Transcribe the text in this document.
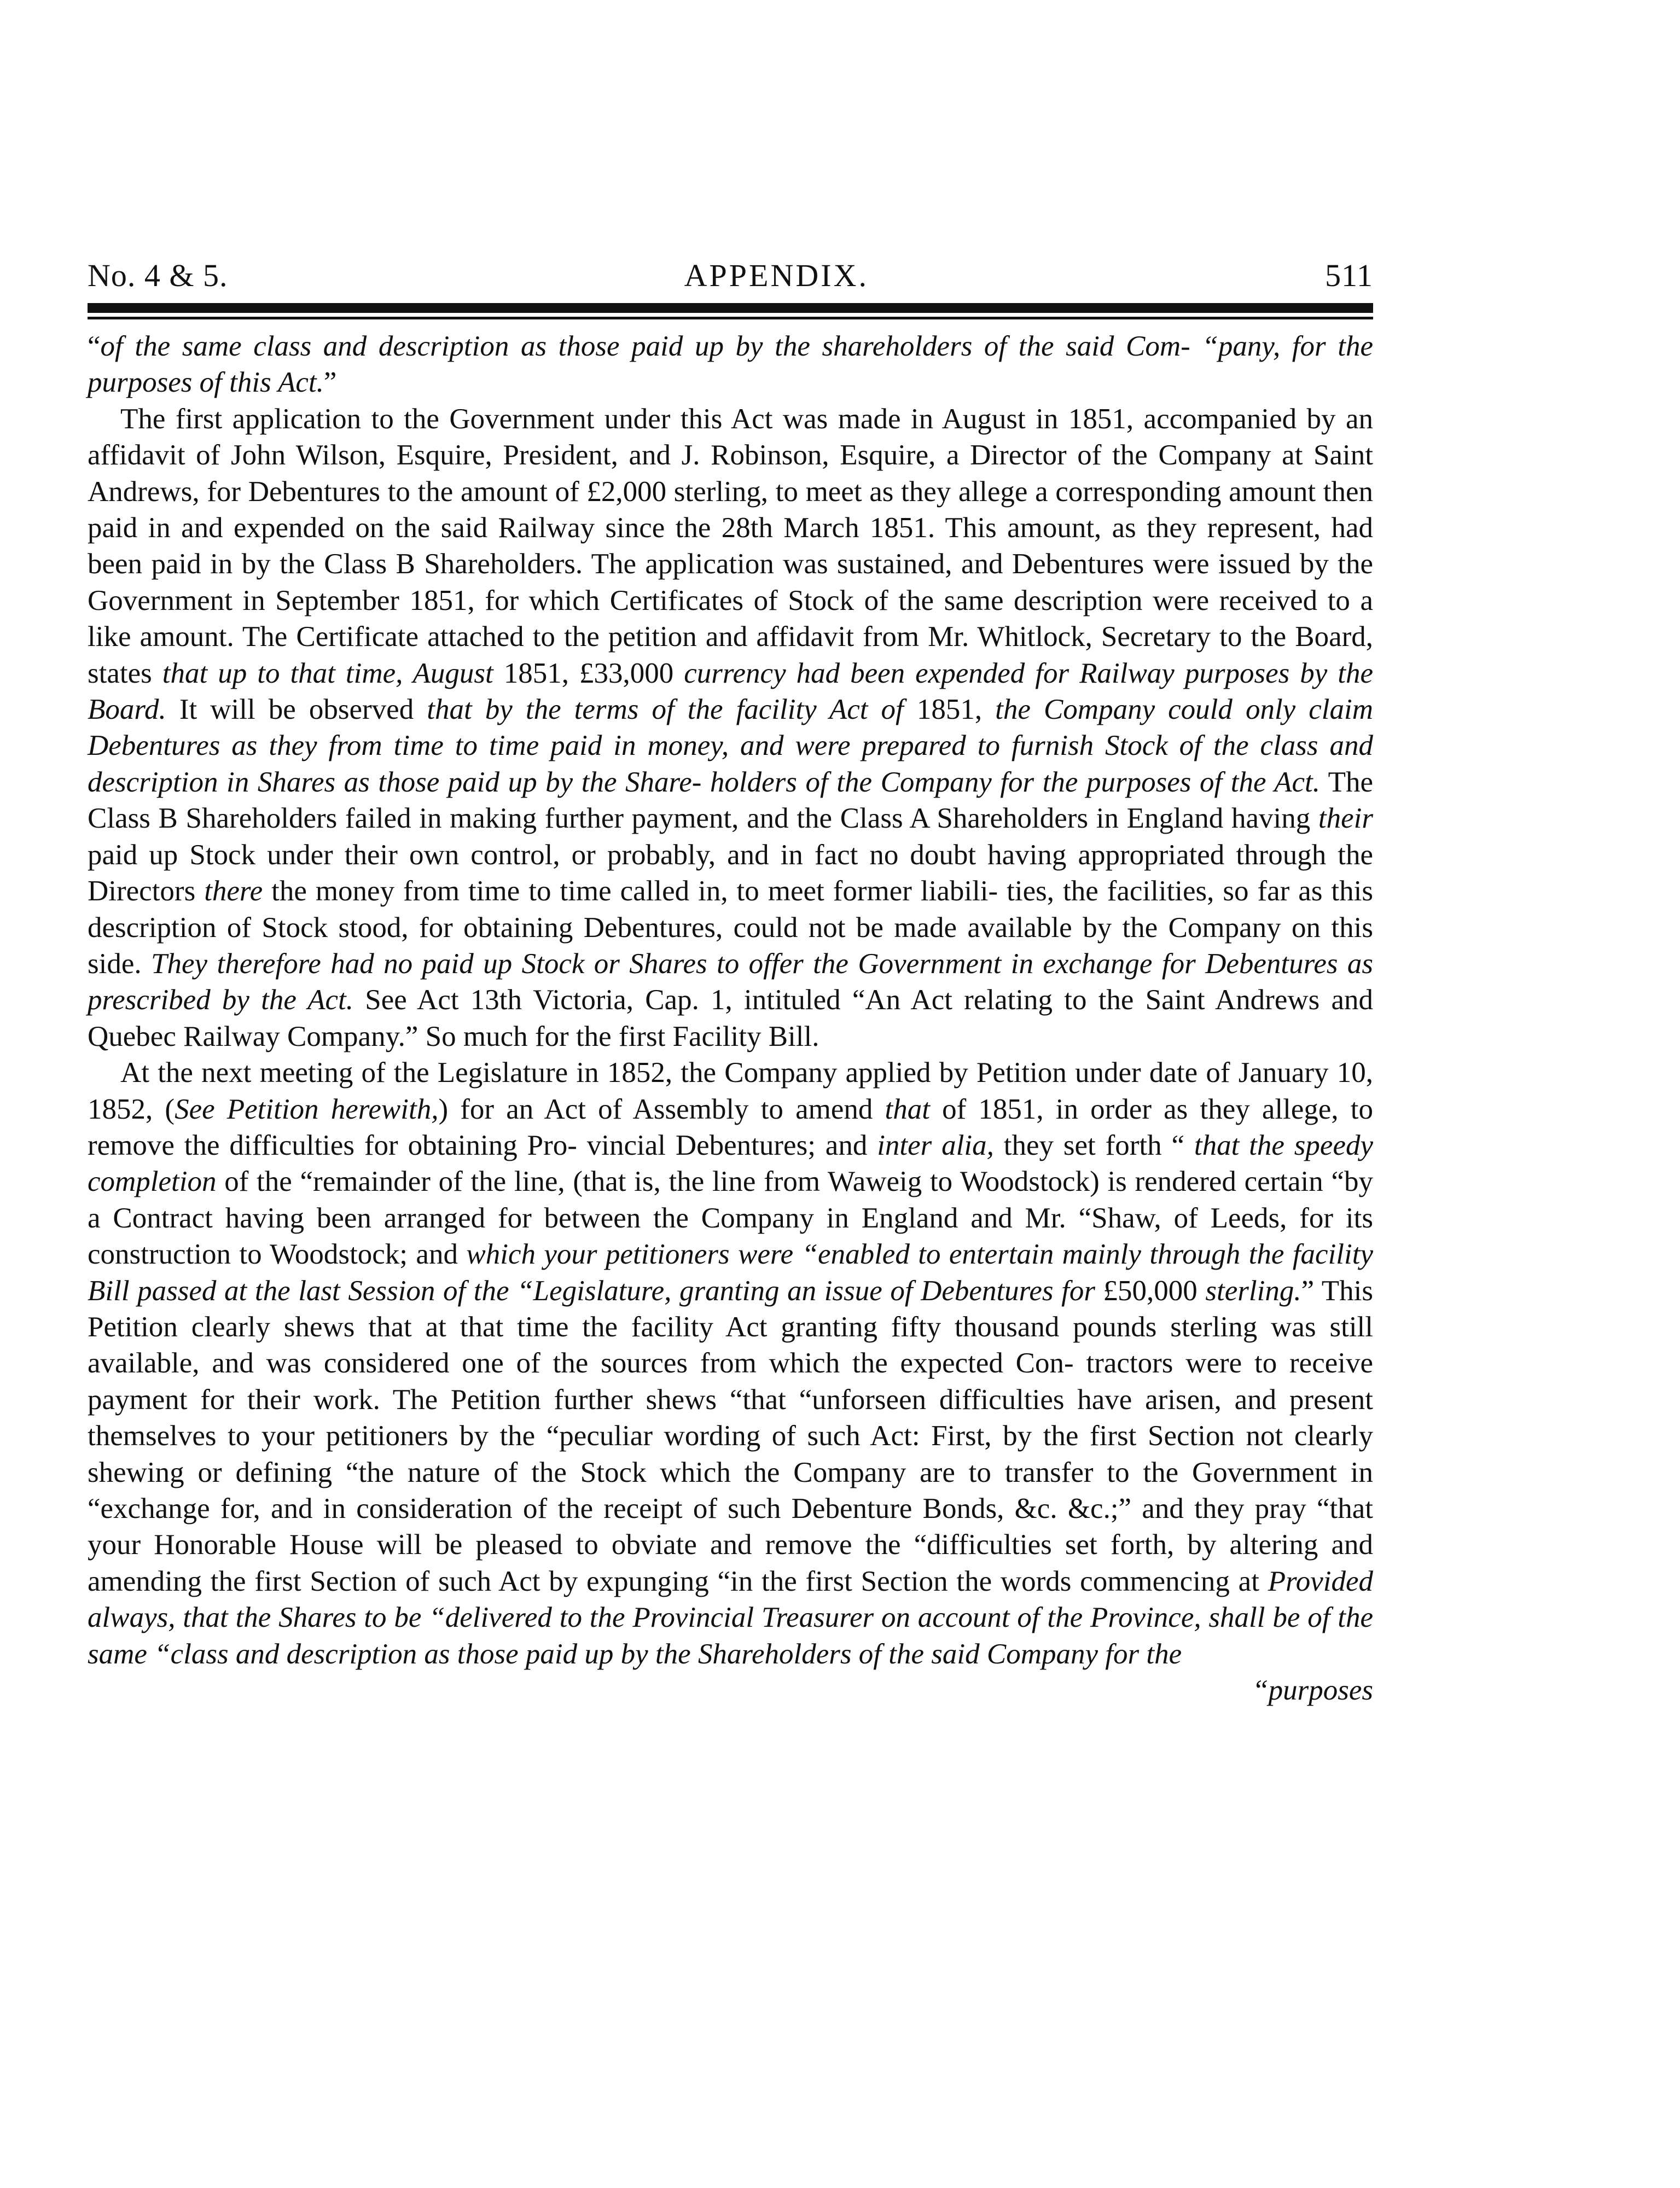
No. 4 & 5.	APPENDIX.	511

“of the same class and description as those paid up by the shareholders of the said Com- “pany, for the purposes of this Act.”

The first application to the Government under this Act was made in August in 1851, accompanied by an affidavit of John Wilson, Esquire, President, and J. Robinson, Esquire, a Director of the Company at Saint Andrews, for Debentures to the amount of £2,000 sterling, to meet as they allege a corresponding amount then paid in and expended on the said Railway since the 28th March 1851. This amount, as they represent, had been paid in by the Class B Shareholders. The application was sustained, and Debentures were issued by the Government in September 1851, for which Certificates of Stock of the same description were received to a like amount. The Certificate attached to the petition and affidavit from Mr. Whitlock, Secretary to the Board, states that up to that time, August 1851, £33,000 currency had been expended for Railway purposes by the Board. It will be observed that by the terms of the facility Act of 1851, the Company could only claim Debentures as they from time to time paid in money, and were prepared to furnish Stock of the class and description in Shares as those paid up by the Share- holders of the Company for the purposes of the Act. The Class B Shareholders failed in making further payment, and the Class A Shareholders in England having their paid up Stock under their own control, or probably, and in fact no doubt having appropriated through the Directors there the money from time to time called in, to meet former liabili- ties, the facilities, so far as this description of Stock stood, for obtaining Debentures, could not be made available by the Company on this side. They therefore had no paid up Stock or Shares to offer the Government in exchange for Debentures as prescribed by the Act. See Act 13th Victoria, Cap. 1, intituled “An Act relating to the Saint Andrews and Quebec Railway Company.” So much for the first Facility Bill.

At the next meeting of the Legislature in 1852, the Company applied by Petition under date of January 10, 1852, (See Petition herewith,) for an Act of Assembly to amend that of 1851, in order as they allege, to remove the difficulties for obtaining Pro- vincial Debentures; and inter alia, they set forth “ that the speedy completion of the “remainder of the line, (that is, the line from Waweig to Woodstock) is rendered certain “by a Contract having been arranged for between the Company in England and Mr. “Shaw, of Leeds, for its construction to Woodstock; and which your petitioners were “enabled to entertain mainly through the facility Bill passed at the last Session of the “Legislature, granting an issue of Debentures for £50,000 sterling.” This Petition clearly shews that at that time the facility Act granting fifty thousand pounds sterling was still available, and was considered one of the sources from which the expected Con- tractors were to receive payment for their work. The Petition further shews “that “unforseen difficulties have arisen, and present themselves to your petitioners by the “peculiar wording of such Act: First, by the first Section not clearly shewing or defining “the nature of the Stock which the Company are to transfer to the Government in “exchange for, and in consideration of the receipt of such Debenture Bonds, &c. &c.;” and they pray “that your Honorable House will be pleased to obviate and remove the “difficulties set forth, by altering and amending the first Section of such Act by expunging “in the first Section the words commencing at Provided always, that the Shares to be “delivered to the Provincial Treasurer on account of the Province, shall be of the same “class and description as those paid up by the Shareholders of the said Company for the

“purposes
